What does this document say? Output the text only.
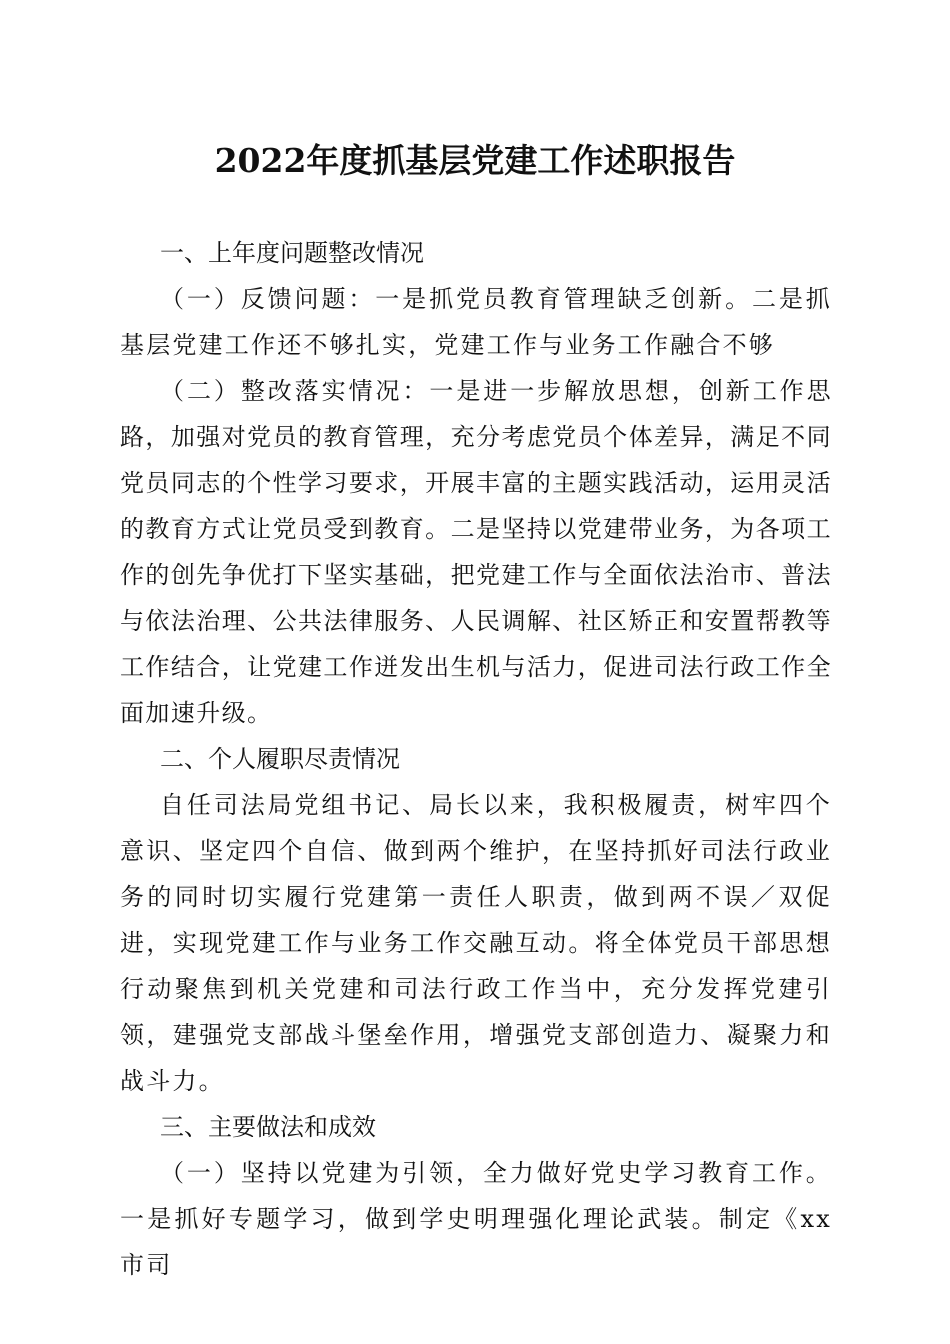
2022年度抓基层党建工作述职报告
一、上年度问题整改情况

（一）反馈问题：一是抓党员教育管理缺乏创新。二是抓基层党建工作还不够扎实，党建工作与业务工作融合不够

（二）整改落实情况：一是进一步解放思想，创新工作思路，加强对党员的教育管理，充分考虑党员个体差异，满足不同党员同志的个性学习要求，开展丰富的主题实践活动，运用灵活的教育方式让党员受到教育。二是坚持以党建带业务，为各项工作的创先争优打下坚实基础，把党建工作与全面依法治市、普法与依法治理、公共法律服务、人民调解、社区矫正和安置帮教等工作结合，让党建工作迸发出生机与活力，促进司法行政工作全面加速升级。

二、个人履职尽责情况

自任司法局党组书记、局长以来，我积极履责，树牢四个意识、坚定四个自信、做到两个维护，在坚持抓好司法行政业务的同时切实履行党建第一责任人职责，做到两不误／双促进，实现党建工作与业务工作交融互动。将全体党员干部思想行动聚焦到机关党建和司法行政工作当中，充分发挥党建引领，建强党支部战斗堡垒作用，增强党支部创造力、凝聚力和战斗力。

三、主要做法和成效

（一）坚持以党建为引领，全力做好党史学习教育工作。一是抓好专题学习，做到学史明理强化理论武装。制定《xx市司
